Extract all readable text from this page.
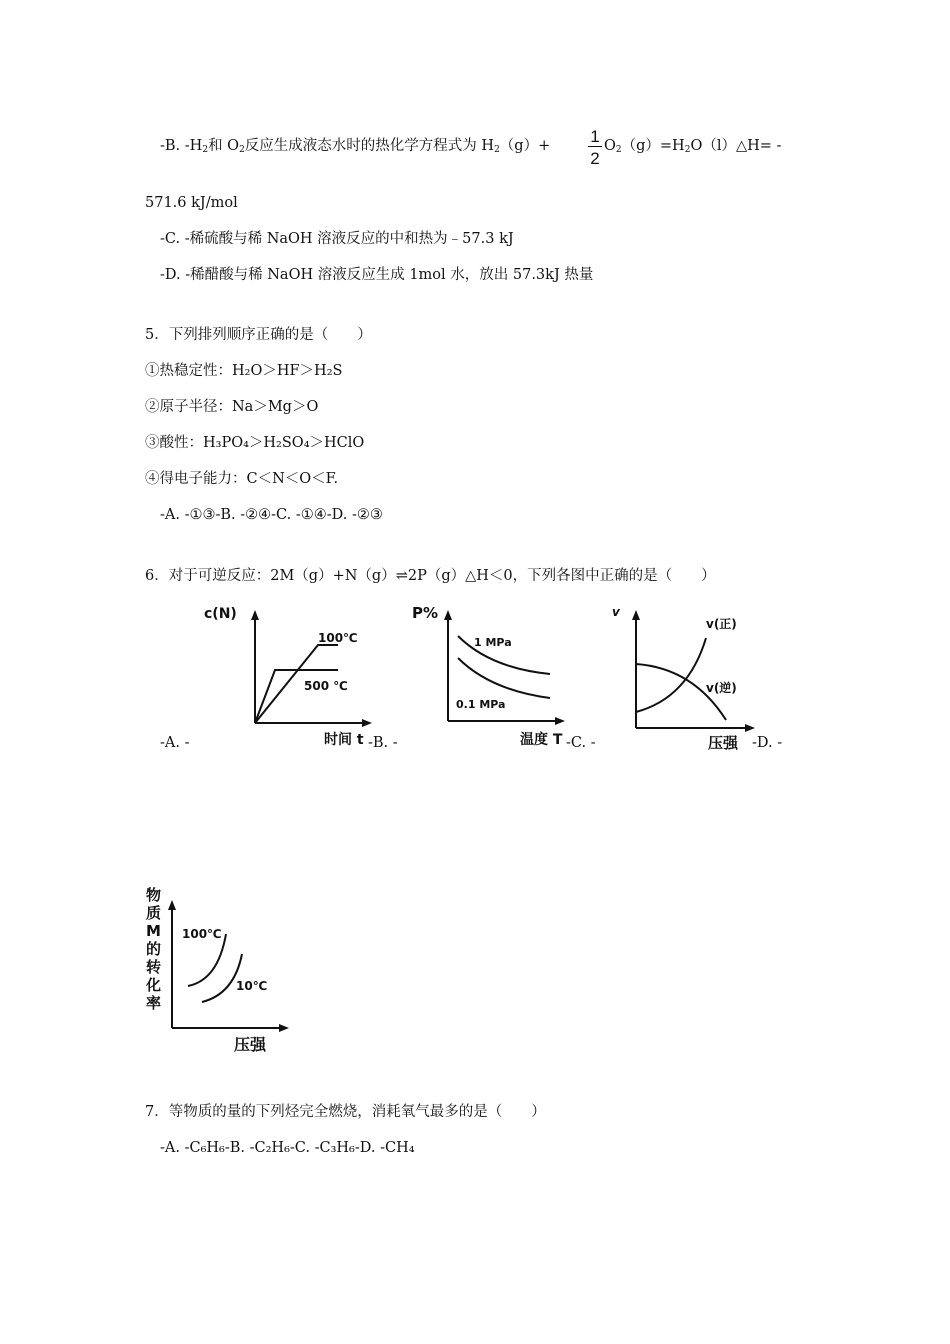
-B. $-H_2$和 $O_2$反应生成液态水时的热化学方程式为 $H_2(g)+ 1$
2
$O_2(g)=H_2O(l)\triangle H=$ -
571.6 kJ/mol
-C. -稀硫酸与稀 NaOH 溶液反应的中和热为﹣57.3 kJ
-D. -稀醋酸与稀 NaOH 溶液反应生成 1mol 水，放出 57.3kJ 热量
5．下列排列顺序正确的是（　　）
①热稳定性：H₂O＞HF＞H₂S
②原子半径：Na＞Mg＞O
③酸性：H₃PO₄＞H₂SO₄＞HClO
④得电子能力：C＜N＜O＜F.
-A. -①③-B. -②④-C. -①④-D. -②③
6．对于可逆反应：2M（g）+N（g）⇌2P（g）△H＜0，下列各图中正确的是（　　）
c(N)
100℃
500 ℃
时间 t
-A. -
P%
1 MPa
0.1 MPa
温度 T
-B. -
v
v(正)
v(逆)
压强
-C. -	-D. -
物
质
M
的
转
化
率
100℃
10℃
压强
7．等物质的量的下列烃完全燃烧，消耗氧气最多的是（　　）
-A. -C₆H₆-B. -C₂H₆-C. -C₃H₆-D. -CH₄
